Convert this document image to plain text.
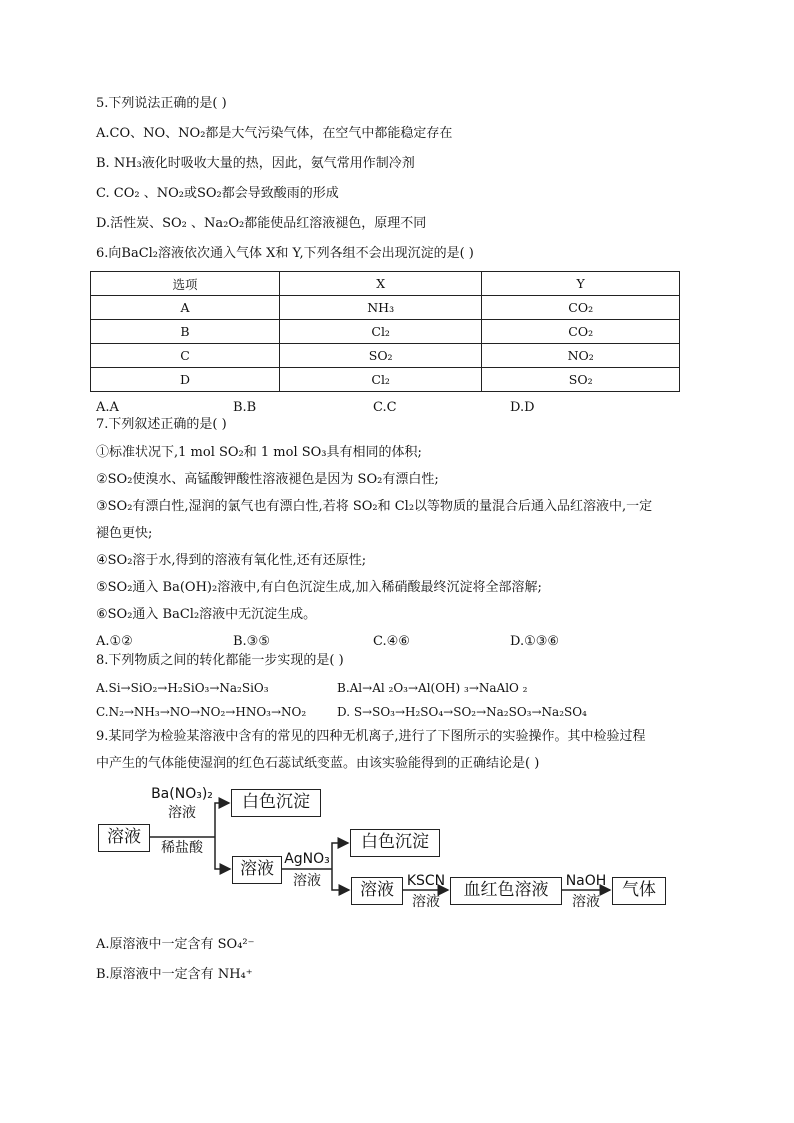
5.下列说法正确的是( )
A.CO、NO、NO₂都是大气污染气体，在空气中都能稳定存在
B. NH₃液化时吸收大量的热，因此，氨气常用作制冷剂
C. CO₂ 、NO₂或SO₂都会导致酸雨的形成
D.活性炭、SO₂ 、Na₂O₂都能使品红溶液褪色，原理不同
6.向BaCl₂溶液依次通入气体 X和 Y,下列各组不会出现沉淀的是( )
选项	X	Y
A	NH₃	CO₂
B	Cl₂	CO₂
C	SO₂	NO₂
D	Cl₂	SO₂
A.A	B.B	C.C	D.D
7.下列叙述正确的是( )
①标准状况下,1 mol SO₂和 1 mol SO₃具有相同的体积;
②SO₂使溴水、高锰酸钾酸性溶液褪色是因为 SO₂有漂白性;
③SO₂有漂白性,湿润的氯气也有漂白性,若将 SO₂和 Cl₂以等物质的量混合后通入品红溶液中,一定
褪色更快;
④SO₂溶于水,得到的溶液有氧化性,还有还原性;
⑤SO₂通入 Ba(OH)₂溶液中,有白色沉淀生成,加入稀硝酸最终沉淀将全部溶解;
⑥SO₂通入 BaCl₂溶液中无沉淀生成。
A.①②	B.③⑤	C.④⑥	D.①③⑥
8.下列物质之间的转化都能一步实现的是( )
A.Si→SiO₂→H₂SiO₃→Na₂SiO₃	B.Al→Al ₂O₃→Al(OH) ₃→NaAlO ₂
C.N₂→NH₃→NO→NO₂→HNO₃→NO₂	D. S→SO₃→H₂SO₄→SO₂→Na₂SO₃→Na₂SO₄
9.某同学为检验某溶液中含有的常见的四种无机离子,进行了下图所示的实验操作。其中检验过程
中产生的气体能使湿润的红色石蕊试纸变蓝。由该实验能得到的正确结论是( )
溶液
白色沉淀
溶液
白色沉淀
溶液	血红色溶液	气体
Ba(NO₃)₂
溶液
稀盐酸
AgNO₃
溶液	KSCN
溶液
NaOH
溶液
A.原溶液中一定含有 SO₄²⁻
B.原溶液中一定含有 NH₄⁺
